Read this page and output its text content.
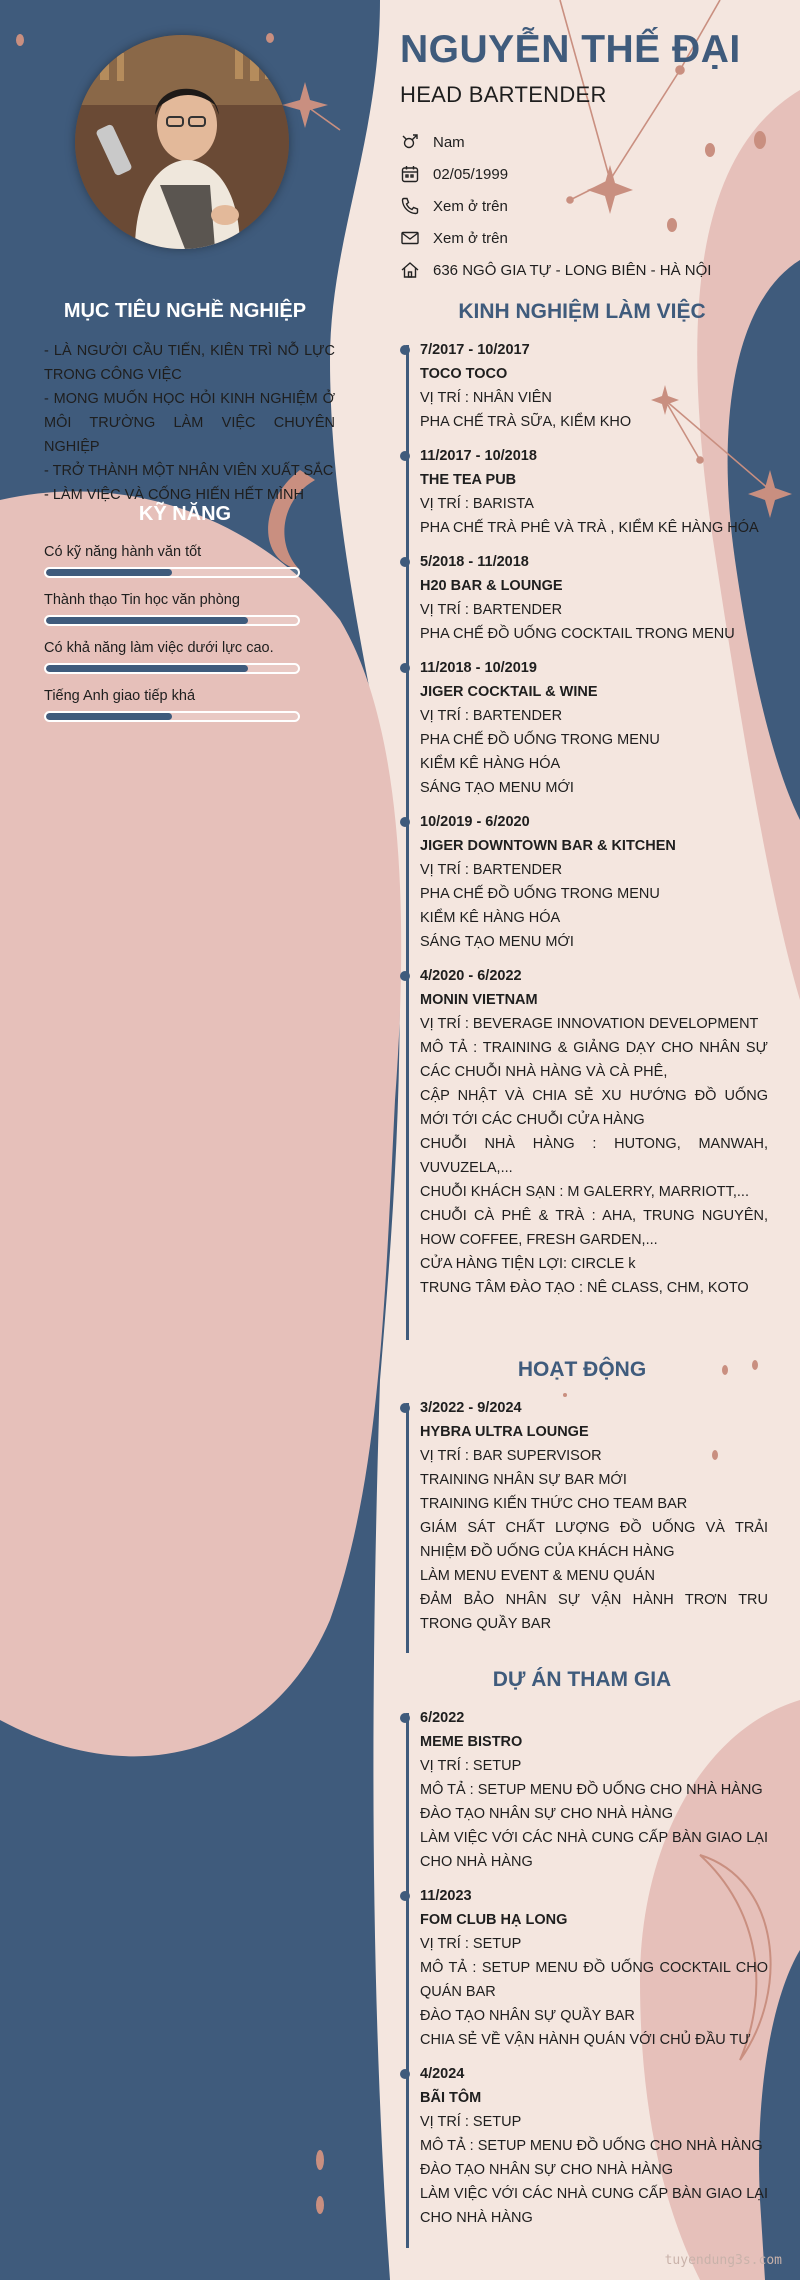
NGUYỄN THẾ ĐẠI
HEAD BARTENDER
Nam
02/05/1999
Xem ở trên
Xem ở trên
636 NGÔ GIA TỰ - LONG BIÊN - HÀ NỘI
MỤC TIÊU NGHỀ NGHIỆP
- LÀ NGƯỜI CẦU TIẾN, KIÊN TRÌ NỖ LỰC TRONG CÔNG VIỆC
- MONG MUỐN HỌC HỎI KINH NGHIỆM Ở MÔI TRƯỜNG LÀM VIỆC CHUYÊN NGHIỆP
- TRỞ THÀNH MỘT NHÂN VIÊN XUẤT SẮC
- LÀM VIỆC VÀ CỐNG HIẾN HẾT MÌNH
KỸ NĂNG
Có kỹ năng hành văn tốt
Thành thạo Tin học văn phòng
Có khả năng làm việc dưới lực cao.
Tiếng Anh giao tiếp khá
KINH NGHIỆM LÀM VIỆC
7/2017 - 10/2017
TOCO TOCO
VỊ TRÍ : NHÂN VIÊN
PHA CHẾ TRÀ SỮA, KIỂM KHO
11/2017 - 10/2018
THE TEA PUB
VỊ TRÍ : BARISTA
PHA CHẾ TRÀ PHÊ VÀ TRÀ , KIỂM KÊ HÀNG HÓA
5/2018 - 11/2018
H20 BAR & LOUNGE
VỊ TRÍ : BARTENDER
PHA CHẾ ĐỒ UỐNG COCKTAIL TRONG MENU
11/2018 - 10/2019
JIGER COCKTAIL & WINE
VỊ TRÍ : BARTENDER
PHA CHẾ ĐỒ UỐNG TRONG MENU
KIỂM KÊ HÀNG HÓA
SÁNG TẠO MENU MỚI
10/2019 - 6/2020
JIGER DOWNTOWN BAR & KITCHEN
VỊ TRÍ : BARTENDER
PHA CHẾ ĐỒ UỐNG TRONG MENU
KIỂM KÊ HÀNG HÓA
SÁNG TẠO MENU MỚI
4/2020 - 6/2022
MONIN VIETNAM
VỊ TRÍ : BEVERAGE INNOVATION DEVELOPMENT
MÔ TẢ : TRAINING & GIẢNG DẠY CHO NHÂN SỰ CÁC CHUỖI NHÀ HÀNG VÀ CÀ PHÊ,
CẬP NHẬT VÀ CHIA SẺ XU HƯỚNG ĐỒ UỐNG MỚI TỚI CÁC CHUỖI CỬA HÀNG
CHUỖI NHÀ HÀNG : HUTONG, MANWAH, VUVUZELA,...
CHUỖI KHÁCH SẠN : M GALERRY, MARRIOTT,...
CHUỖI CÀ PHÊ & TRÀ : AHA, TRUNG NGUYÊN, HOW COFFEE, FRESH GARDEN,...
CỬA HÀNG TIỆN LỢI: CIRCLE k
TRUNG TÂM ĐÀO TẠO : NÊ CLASS, CHM, KOTO
HOẠT ĐỘNG
3/2022 - 9/2024
HYBRA ULTRA LOUNGE
VỊ TRÍ : BAR SUPERVISOR
TRAINING NHÂN SỰ BAR MỚI
TRAINING KIẾN THỨC CHO TEAM BAR
GIÁM SÁT CHẤT LƯỢNG ĐỒ UỐNG VÀ TRẢI NHIỆM ĐỒ UỐNG CỦA KHÁCH HÀNG
LÀM MENU EVENT & MENU QUÁN
ĐẢM BẢO NHÂN SỰ VẬN HÀNH TRƠN TRU TRONG QUẦY BAR
DỰ ÁN THAM GIA
6/2022
MEME BISTRO
VỊ TRÍ : SETUP
MÔ TẢ : SETUP MENU ĐỒ UỐNG CHO NHÀ HÀNG
ĐÀO TẠO NHÂN SỰ CHO NHÀ HÀNG
LÀM VIỆC VỚI CÁC NHÀ CUNG CẤP BÀN GIAO LẠI CHO NHÀ HÀNG
11/2023
FOM CLUB HẠ LONG
VỊ TRÍ : SETUP
MÔ TẢ : SETUP MENU ĐỒ UỐNG COCKTAIL CHO QUÁN BAR
ĐÀO TẠO NHÂN SỰ QUẦY BAR
CHIA SẺ VỀ VẬN HÀNH QUÁN VỚI CHỦ ĐẦU TƯ
4/2024
BÃI TÔM
VỊ TRÍ : SETUP
MÔ TẢ : SETUP MENU ĐỒ UỐNG CHO NHÀ HÀNG
ĐÀO TẠO NHÂN SỰ CHO NHÀ HÀNG
LÀM VIỆC VỚI CÁC NHÀ CUNG CẤP BÀN GIAO LẠI CHO NHÀ HÀNG
tuyendung3s.com
